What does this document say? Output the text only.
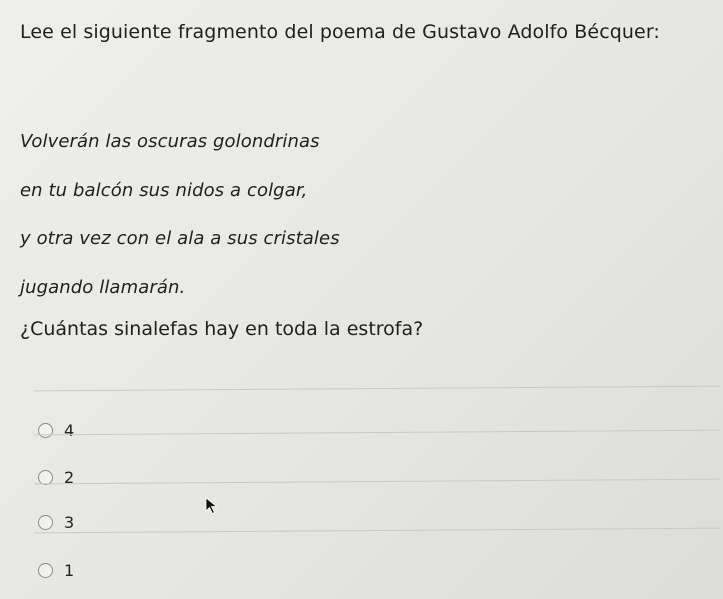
Lee el siguiente fragmento del poema de Gustavo Adolfo Bécquer:
Volverán las oscuras golondrinas
en tu balcón sus nidos a colgar,
y otra vez con el ala a sus cristales
jugando llamarán.
¿Cuántas sinalefas hay en toda la estrofa?
4
2
3
1
